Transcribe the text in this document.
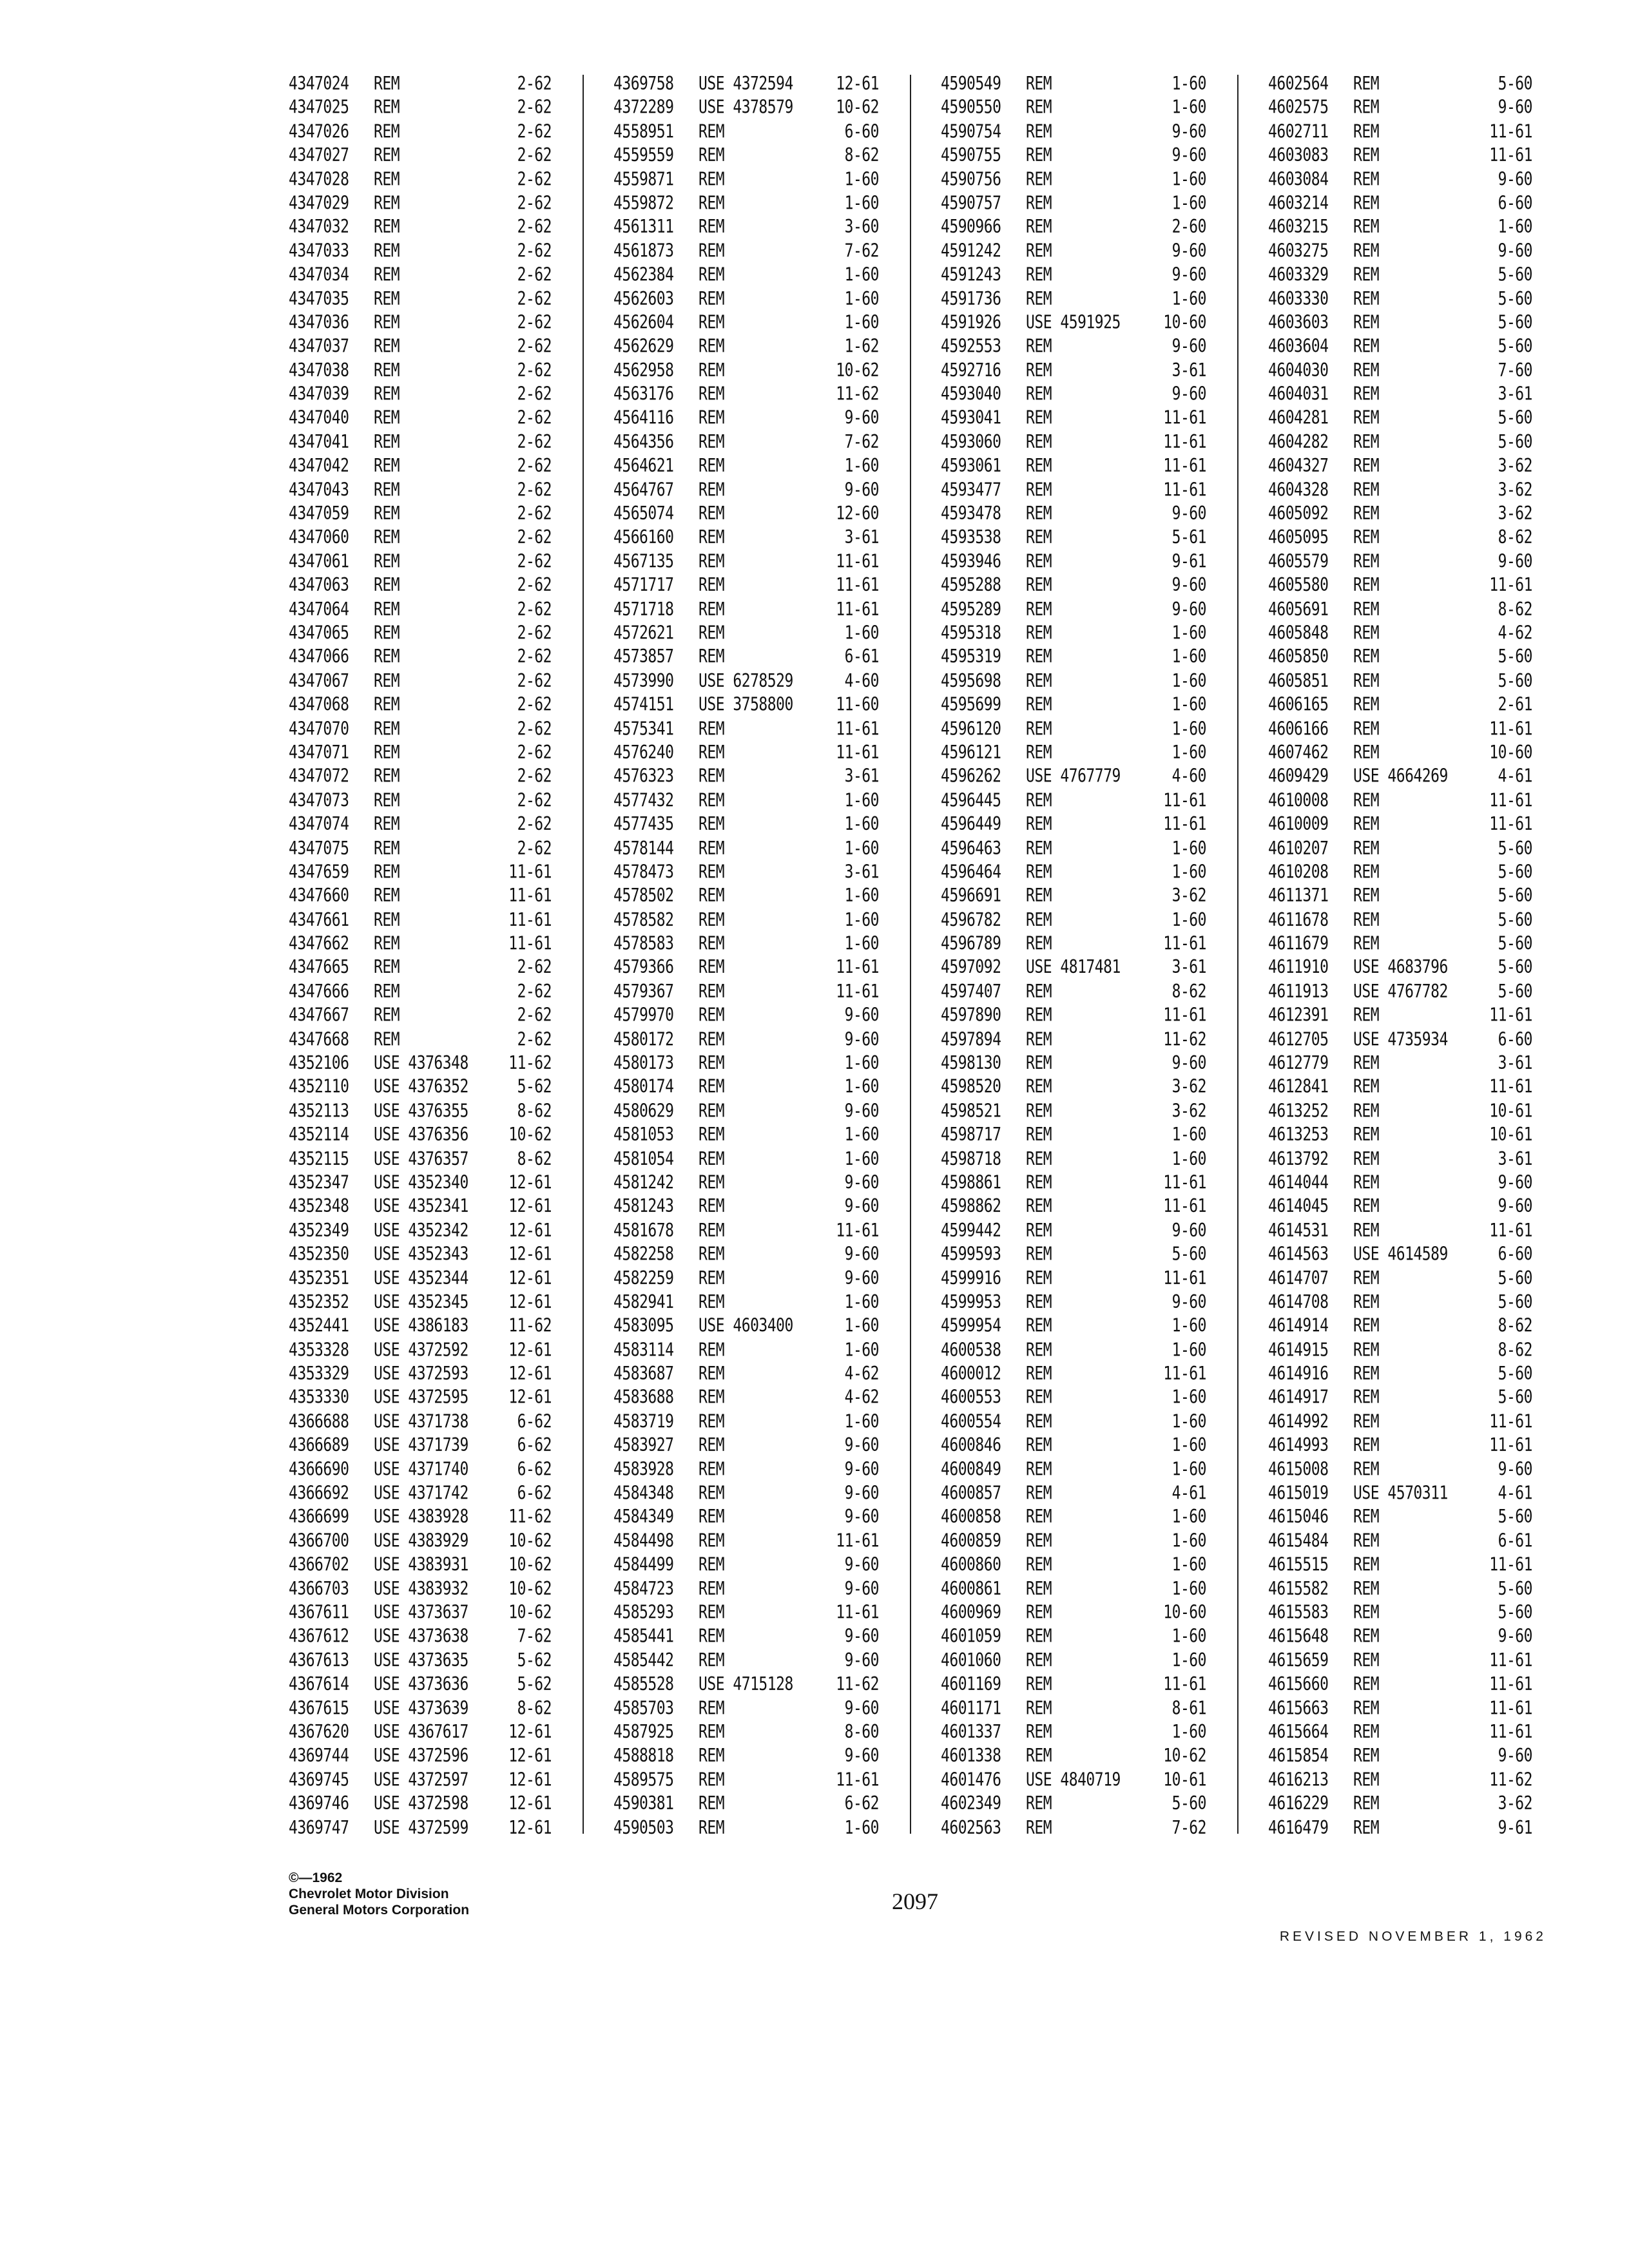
4347024 REM	2-62
4347025 REM	2-62
4347026 REM	2-62
4347027 REM	2-62
4347028 REM	2-62
4347029 REM	2-62
4347032 REM	2-62
4347033 REM	2-62
4347034 REM	2-62
4347035 REM	2-62
4347036 REM	2-62
4347037 REM	2-62
4347038 REM	2-62
4347039 REM	2-62
4347040 REM	2-62
4347041 REM	2-62
4347042 REM	2-62
4347043 REM	2-62
4347059 REM	2-62
4347060 REM	2-62
4347061 REM	2-62
4347063 REM	2-62
4347064 REM	2-62
4347065 REM	2-62
4347066 REM	2-62
4347067 REM	2-62
4347068 REM	2-62
4347070 REM	2-62
4347071 REM	2-62
4347072 REM	2-62
4347073 REM	2-62
4347074 REM	2-62
4347075 REM	2-62
4347659 REM	11-61
4347660 REM	11-61
4347661 REM	11-61
4347662 REM	11-61
4347665 REM	2-62
4347666 REM	2-62
4347667 REM	2-62
4347668 REM	2-62
4352106 USE 4376348	11-62
4352110 USE 4376352	5-62
4352113 USE 4376355	8-62
4352114 USE 4376356	10-62
4352115 USE 4376357	8-62
4352347 USE 4352340	12-61
4352348 USE 4352341	12-61
4352349 USE 4352342	12-61
4352350 USE 4352343	12-61
4352351 USE 4352344	12-61
4352352 USE 4352345	12-61
4352441 USE 4386183	11-62
4353328 USE 4372592	12-61
4353329 USE 4372593	12-61
4353330 USE 4372595	12-61
4366688 USE 4371738	6-62
4366689 USE 4371739	6-62
4366690 USE 4371740	6-62
4366692 USE 4371742	6-62
4366699 USE 4383928	11-62
4366700 USE 4383929	10-62
4366702 USE 4383931	10-62
4366703 USE 4383932	10-62
4367611 USE 4373637	10-62
4367612 USE 4373638	7-62
4367613 USE 4373635	5-62
4367614 USE 4373636	5-62
4367615 USE 4373639	8-62
4367620 USE 4367617	12-61
4369744 USE 4372596	12-61
4369745 USE 4372597	12-61
4369746 USE 4372598	12-61
4369747 USE 4372599	12-61
4369758 USE 4372594	12-61
4372289 USE 4378579	10-62
4558951 REM	6-60
4559559 REM	8-62
4559871 REM	1-60
4559872 REM	1-60
4561311 REM	3-60
4561873 REM	7-62
4562384 REM	1-60
4562603 REM	1-60
4562604 REM	1-60
4562629 REM	1-62
4562958 REM	10-62
4563176 REM	11-62
4564116 REM	9-60
4564356 REM	7-62
4564621 REM	1-60
4564767 REM	9-60
4565074 REM	12-60
4566160 REM	3-61
4567135 REM	11-61
4571717 REM	11-61
4571718 REM	11-61
4572621 REM	1-60
4573857 REM	6-61
4573990 USE 6278529	4-60
4574151 USE 3758800	11-60
4575341 REM	11-61
4576240 REM	11-61
4576323 REM	3-61
4577432 REM	1-60
4577435 REM	1-60
4578144 REM	1-60
4578473 REM	3-61
4578502 REM	1-60
4578582 REM	1-60
4578583 REM	1-60
4579366 REM	11-61
4579367 REM	11-61
4579970 REM	9-60
4580172 REM	9-60
4580173 REM	1-60
4580174 REM	1-60
4580629 REM	9-60
4581053 REM	1-60
4581054 REM	1-60
4581242 REM	9-60
4581243 REM	9-60
4581678 REM	11-61
4582258 REM	9-60
4582259 REM	9-60
4582941 REM	1-60
4583095 USE 4603400	1-60
4583114 REM	1-60
4583687 REM	4-62
4583688 REM	4-62
4583719 REM	1-60
4583927 REM	9-60
4583928 REM	9-60
4584348 REM	9-60
4584349 REM	9-60
4584498 REM	11-61
4584499 REM	9-60
4584723 REM	9-60
4585293 REM	11-61
4585441 REM	9-60
4585442 REM	9-60
4585528 USE 4715128	11-62
4585703 REM	9-60
4587925 REM	8-60
4588818 REM	9-60
4589575 REM	11-61
4590381 REM	6-62
4590503 REM	1-60
4590549 REM	1-60
4590550 REM	1-60
4590754 REM	9-60
4590755 REM	9-60
4590756 REM	1-60
4590757 REM	1-60
4590966 REM	2-60
4591242 REM	9-60
4591243 REM	9-60
4591736 REM	1-60
4591926 USE 4591925	10-60
4592553 REM	9-60
4592716 REM	3-61
4593040 REM	9-60
4593041 REM	11-61
4593060 REM	11-61
4593061 REM	11-61
4593477 REM	11-61
4593478 REM	9-60
4593538 REM	5-61
4593946 REM	9-61
4595288 REM	9-60
4595289 REM	9-60
4595318 REM	1-60
4595319 REM	1-60
4595698 REM	1-60
4595699 REM	1-60
4596120 REM	1-60
4596121 REM	1-60
4596262 USE 4767779	4-60
4596445 REM	11-61
4596449 REM	11-61
4596463 REM	1-60
4596464 REM	1-60
4596691 REM	3-62
4596782 REM	1-60
4596789 REM	11-61
4597092 USE 4817481	3-61
4597407 REM	8-62
4597890 REM	11-61
4597894 REM	11-62
4598130 REM	9-60
4598520 REM	3-62
4598521 REM	3-62
4598717 REM	1-60
4598718 REM	1-60
4598861 REM	11-61
4598862 REM	11-61
4599442 REM	9-60
4599593 REM	5-60
4599916 REM	11-61
4599953 REM	9-60
4599954 REM	1-60
4600538 REM	1-60
4600012 REM	11-61
4600553 REM	1-60
4600554 REM	1-60
4600846 REM	1-60
4600849 REM	1-60
4600857 REM	4-61
4600858 REM	1-60
4600859 REM	1-60
4600860 REM	1-60
4600861 REM	1-60
4600969 REM	10-60
4601059 REM	1-60
4601060 REM	1-60
4601169 REM	11-61
4601171 REM	8-61
4601337 REM	1-60
4601338 REM	10-62
4601476 USE 4840719	10-61
4602349 REM	5-60
4602563 REM	7-62
4602564 REM	5-60
4602575 REM	9-60
4602711 REM	11-61
4603083 REM	11-61
4603084 REM	9-60
4603214 REM	6-60
4603215 REM	1-60
4603275 REM	9-60
4603329 REM	5-60
4603330 REM	5-60
4603603 REM	5-60
4603604 REM	5-60
4604030 REM	7-60
4604031 REM	3-61
4604281 REM	5-60
4604282 REM	5-60
4604327 REM	3-62
4604328 REM	3-62
4605092 REM	3-62
4605095 REM	8-62
4605579 REM	9-60
4605580 REM	11-61
4605691 REM	8-62
4605848 REM	4-62
4605850 REM	5-60
4605851 REM	5-60
4606165 REM	2-61
4606166 REM	11-61
4607462 REM	10-60
4609429 USE 4664269	4-61
4610008 REM	11-61
4610009 REM	11-61
4610207 REM	5-60
4610208 REM	5-60
4611371 REM	5-60
4611678 REM	5-60
4611679 REM	5-60
4611910 USE 4683796	5-60
4611913 USE 4767782	5-60
4612391 REM	11-61
4612705 USE 4735934	6-60
4612779 REM	3-61
4612841 REM	11-61
4613252 REM	10-61
4613253 REM	10-61
4613792 REM	3-61
4614044 REM	9-60
4614045 REM	9-60
4614531 REM	11-61
4614563 USE 4614589	6-60
4614707 REM	5-60
4614708 REM	5-60
4614914 REM	8-62
4614915 REM	8-62
4614916 REM	5-60
4614917 REM	5-60
4614992 REM	11-61
4614993 REM	11-61
4615008 REM	9-60
4615019 USE 4570311	4-61
4615046 REM	5-60
4615484 REM	6-61
4615515 REM	11-61
4615582 REM	5-60
4615583 REM	5-60
4615648 REM	9-60
4615659 REM	11-61
4615660 REM	11-61
4615663 REM	11-61
4615664 REM	11-61
4615854 REM	9-60
4616213 REM	11-62
4616229 REM	3-62
4616479 REM	9-61
©—1962
Chevrolet Motor Division
General Motors Corporation	2097
REVISED NOVEMBER 1, 1962
